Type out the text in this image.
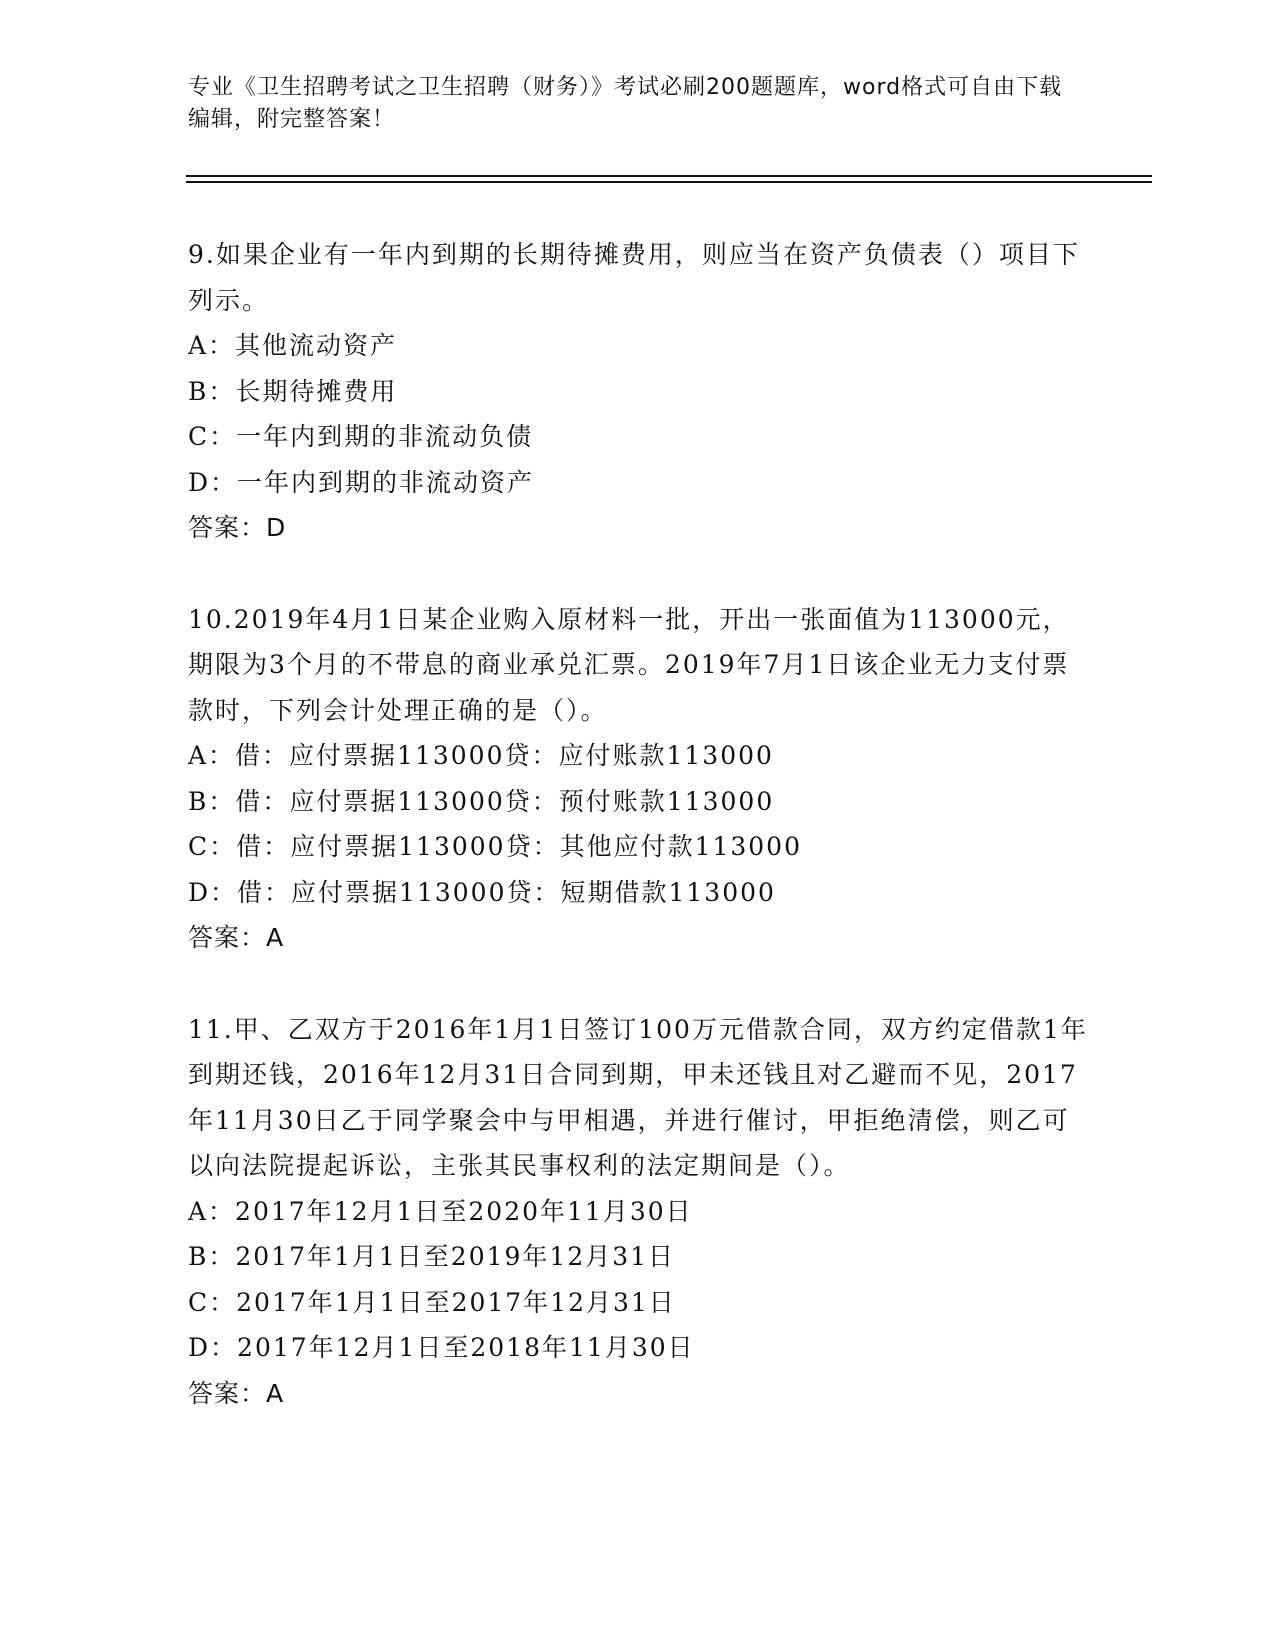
专业《卫生招聘考试之卫生招聘（财务）》考试必刷200题题库，word格式可自由下载编辑，附完整答案！

9.如果企业有一年内到期的长期待摊费用，则应当在资产负债表（）项目下列示。

A：其他流动资产
B：长期待摊费用
C：一年内到期的非流动负债
D：一年内到期的非流动资产

答案：D

10.2019年4月1日某企业购入原材料一批，开出一张面值为113000元，期限为3个月的不带息的商业承兑汇票。2019年7月1日该企业无力支付票款时，下列会计处理正确的是（）。

A：借：应付票据113000贷：应付账款113000
B：借：应付票据113000贷：预付账款113000
C：借：应付票据113000贷：其他应付款113000
D：借：应付票据113000贷：短期借款113000

答案：A

11.甲、乙双方于2016年1月1日签订100万元借款合同，双方约定借款1年到期还钱，2016年12月31日合同到期，甲未还钱且对乙避而不见，2017年11月30日乙于同学聚会中与甲相遇，并进行催讨，甲拒绝清偿，则乙可以向法院提起诉讼，主张其民事权利的法定期间是（）。

A：2017年12月1日至2020年11月30日
B：2017年1月1日至2019年12月31日
C：2017年1月1日至2017年12月31日
D：2017年12月1日至2018年11月30日

答案：A
